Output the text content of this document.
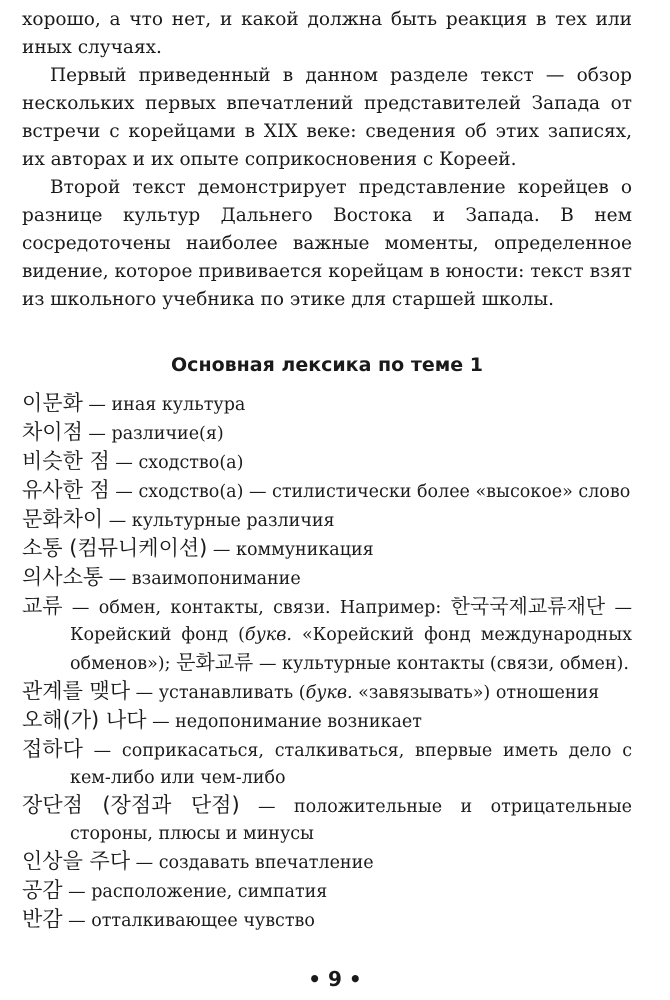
хорошо, а что нет, и какой должна быть реакция в тех или иных случаях.

Первый приведенный в данном разделе текст — обзор нескольких первых впечатлений представителей Запада от встречи с корейцами в XIX веке: сведения об этих записях, их авторах и их опыте соприкосновения с Кореей.

Второй текст демонстрирует представление корейцев о разнице культур Дальнего Востока и Запада. В нем сосредоточены наиболее важные моменты, определенное видение, которое прививается корейцам в юности: текст взят из школьного учебника по этике для старшей школы.

Основная лексика по теме 1

이문화 — иная культура

차이점 — различие(я)

비슷한 점 — сходство(а)

유사한 점 — сходство(а) — стилистически более «высокое» слово

문화차이 — культурные различия

소통 (컴뮤니케이션) — коммуникация

의사소통 — взаимопонимание

교류 — обмен, контакты, связи. Например: 한국국제교류재단 — Корейский фонд (букв. «Корейский фонд международных обменов»); 문화교류 — культурные контакты (связи, обмен).

관계를 맺다 — устанавливать (букв. «завязывать») отношения

오해(가) 나다 — недопонимание возникает

접하다 — соприкасаться, сталкиваться, впервые иметь дело с кем-либо или чем-либо

장단점 (장점과 단점) — положительные и отрицательные стороны, плюсы и минусы

인상을 주다 — создавать впечатление

공감 — расположение, симпатия

반감 — отталкивающее чувство

• 9 •
